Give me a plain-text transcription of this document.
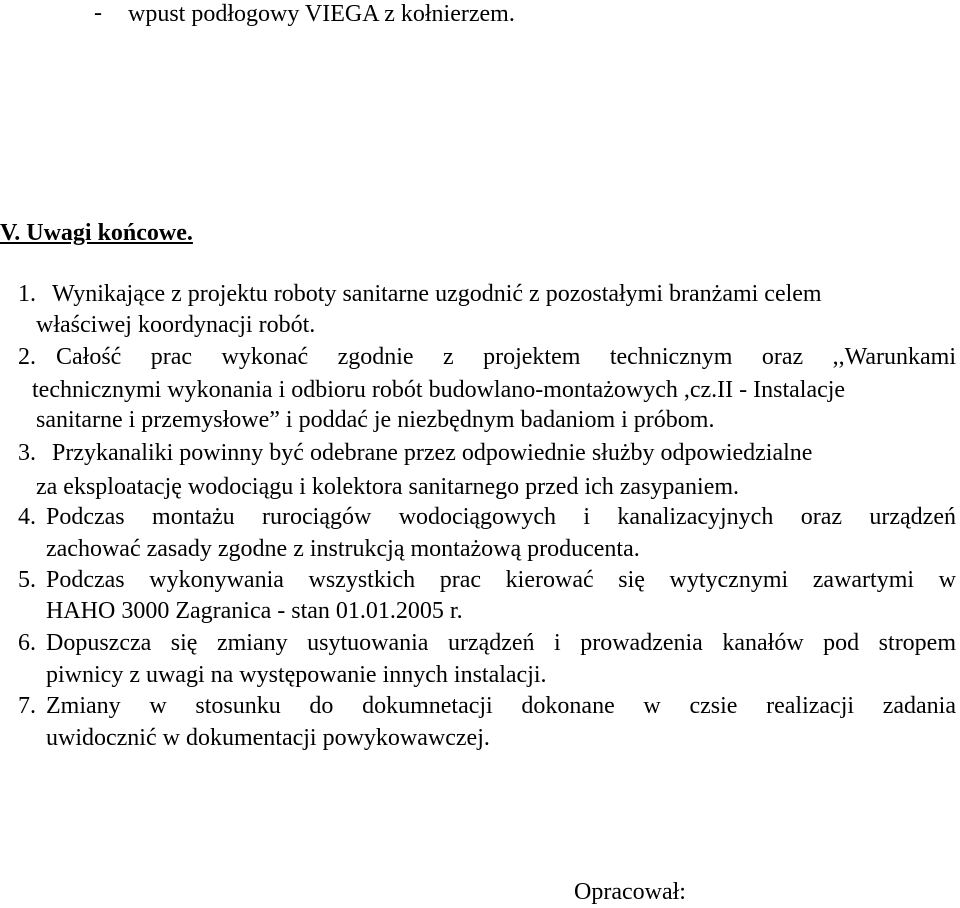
- wpust podłogowy VIEGA z kołnierzem.
V. Uwagi końcowe.
1. Wynikające z projektu roboty sanitarne uzgodnić z pozostałymi branżami celem
właściwej koordynacji robót.
2. Całość prac wykonać zgodnie z projektem technicznym oraz ,,Warunkami
technicznymi wykonania i odbioru robót budowlano-montażowych ,cz.II - Instalacje
sanitarne i przemysłowe” i poddać je niezbędnym badaniom i próbom.
3. Przykanaliki powinny być odebrane przez odpowiednie służby odpowiedzialne
za eksploatację wodociągu i kolektora sanitarnego przed ich zasypaniem.
4. Podczas montażu rurociągów wodociągowych i kanalizacyjnych oraz urządzeń
zachować zasady zgodne z instrukcją montażową producenta.
5. Podczas wykonywania wszystkich prac kierować się wytycznymi zawartymi w
HAHO 3000 Zagranica - stan 01.01.2005 r.
6. Dopuszcza się zmiany usytuowania urządzeń i prowadzenia kanałów pod stropem
piwnicy z uwagi na występowanie innych instalacji.
7. Zmiany w stosunku do dokumnetacji dokonane w czsie realizacji zadania
uwidocznić w dokumentacji powykowawczej.
Opracował:
